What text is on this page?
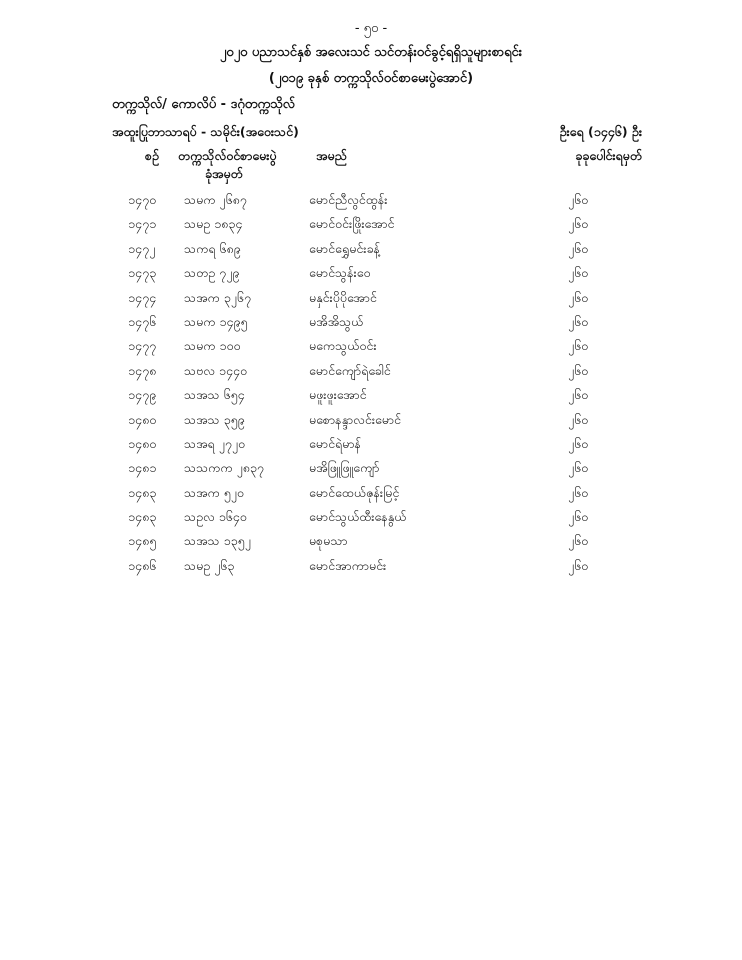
- ၅၀ -
၂၀၂၀ ပညာသင်နှစ် အလေးသင် သင်တန်းဝင်ခွင့်ရရှိသူများစာရင်း
(၂၀၁၉ ခုနှစ် တက္ကသိုလ်ဝင်စာမေးပွဲအောင်)
တက္ကသိုလ်/ ကောလိပ် - ဒဂုံတက္ကသိုလ်
အထူးပြုဘာသာရပ် - သမိုင်း(အဝေးသင်)	ဦးရေ (၁၄၄၆) ဦး
စဉ် တက္ကသိုလ်ဝင်စာမေးပွဲ
ခုံအမှတ်
အမည်	ခုခုပေါင်းရမှတ်
၁၄၇၀ သမက ၂၆၈၇	မောင်ညီလွင်ထွန်း	၂၆၀
၁၄၇၁ သမဥ ၁၈၃၄	မောင်ဝင်းဖြိုးအောင်	၂၆၀
၁၄၇၂ သကရ ၆၈၉	မောင်ရွှေမင်းခန့်	၂၆၀
၁၄၇၃ သတဥ ၇၂၉	မောင်သွန်းဝေ	၂၆၀
၁၄၇၄ သအက ၃၂၆၇	မနှင်းပိုပိုအောင်	၂၆၀
၁၄၇၆ သမက ၁၄၉၅	မအိအိသွယ်	၂၆၀
၁၄၇၇ သမက ၁၀၀	မကေသွယ်ဝင်း	၂၆၀
၁၄၇၈ သဗလ ၁၄၄၀	မောင်ကျော်ရဲခေါင်	၂၆၀
၁၄၇၉ သအသ ၆၅၄	မဖူးဖူးအောင်	၂၆၀
၁၄၈၀ သအသ ၃၅၉	မစောနန္ဒာလင်းမောင်	၂၆၀
၁၄၈၀ သအရ ၂၇၂၀	မောင်ရဲမာန်	၂၆၀
၁၄၈၁ သသကက ၂၈၃၇	မအိဖြူဖြူကျော်	၂၆၀
၁၄၈၃ သအက ၅၂၀	မောင်ထေယ်ဇုန်းမြင့်	၂၆၀
၁၄၈၃ သဥလ ၁၆၄၀	မောင်သွယ်ထီးနေနွယ်	၂၆၀
၁၄၈၅ သအသ ၁၃၅၂	မစုမသာ	၂၆၀
၁၄၈၆ သမဥ ၂၆၃	မောင်အာကာမင်း	၂၆၀
